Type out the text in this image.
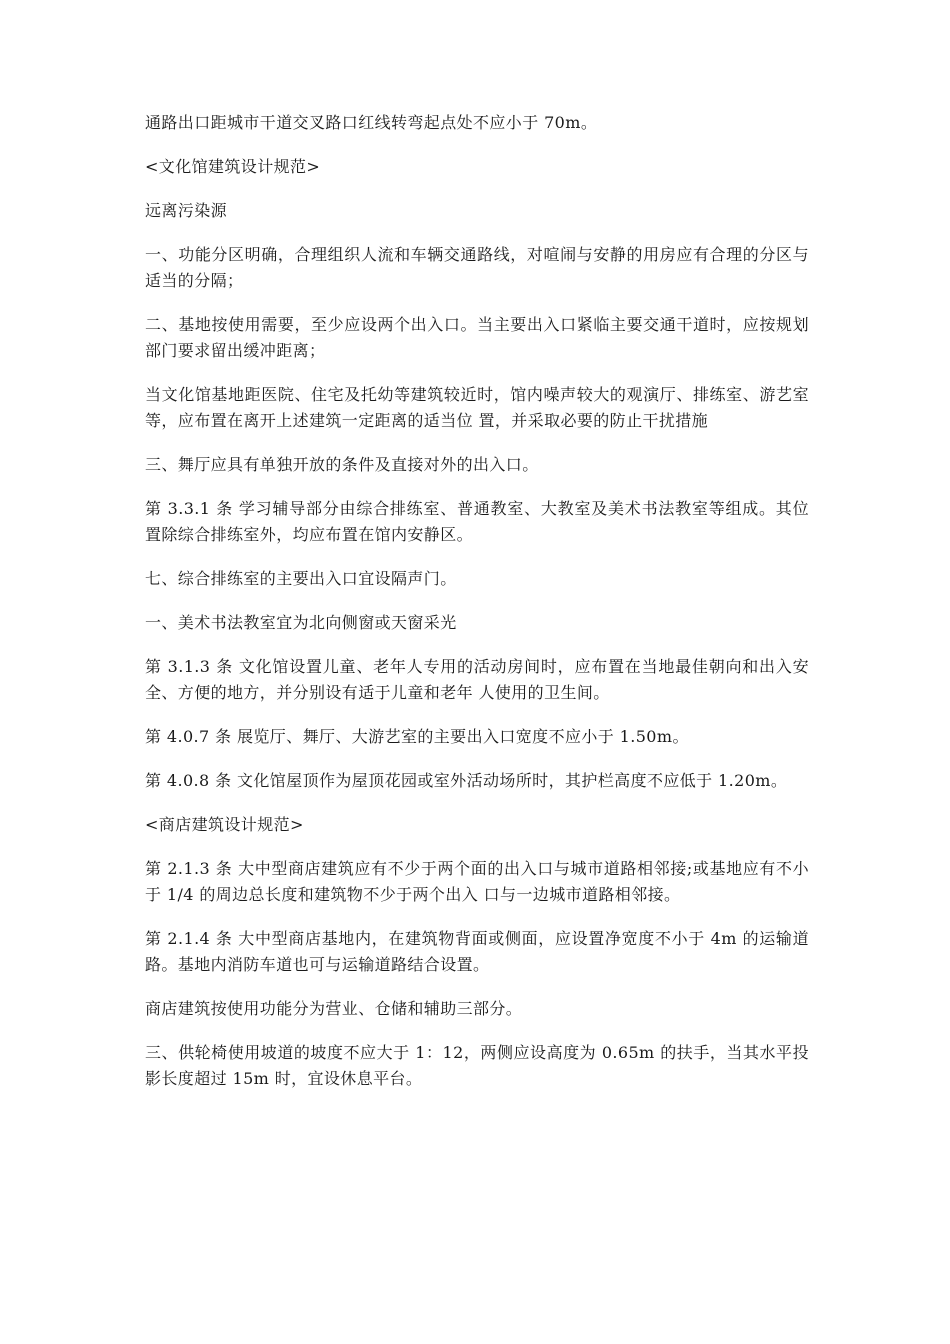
通路出口距城市干道交叉路口红线转弯起点处不应小于 70m。

<文化馆建筑设计规范>

远离污染源

一、功能分区明确，合理组织人流和车辆交通路线，对喧闹与安静的用房应有合理的分区与适当的分隔；

二、基地按使用需要，至少应设两个出入口。当主要出入口紧临主要交通干道时，应按规划部门要求留出缓冲距离；

当文化馆基地距医院、住宅及托幼等建筑较近时，馆内噪声较大的观演厅、排练室、游艺室等，应布置在离开上述建筑一定距离的适当位 置，并采取必要的防止干扰措施

三、舞厅应具有单独开放的条件及直接对外的出入口。

第 3.3.1 条 学习辅导部分由综合排练室、普通教室、大教室及美术书法教室等组成。其位置除综合排练室外，均应布置在馆内安静区。

七、综合排练室的主要出入口宜设隔声门。

一、美术书法教室宜为北向侧窗或天窗采光

第 3.1.3 条 文化馆设置儿童、老年人专用的活动房间时，应布置在当地最佳朝向和出入安全、方便的地方，并分别设有适于儿童和老年 人使用的卫生间。

第 4.0.7 条 展览厅、舞厅、大游艺室的主要出入口宽度不应小于 1.50m。

第 4.0.8 条 文化馆屋顶作为屋顶花园或室外活动场所时，其护栏高度不应低于 1.20m。

<商店建筑设计规范>

第 2.1.3 条 大中型商店建筑应有不少于两个面的出入口与城市道路相邻接;或基地应有不小于 1/4 的周边总长度和建筑物不少于两个出入 口与一边城市道路相邻接。

第 2.1.4 条 大中型商店基地内，在建筑物背面或侧面，应设置净宽度不小于 4m 的运输道路。基地内消防车道也可与运输道路结合设置。

商店建筑按使用功能分为营业、仓储和辅助三部分。

三、供轮椅使用坡道的坡度不应大于 1：12，两侧应设高度为 0.65m 的扶手，当其水平投影长度超过 15m 时，宜设休息平台。
